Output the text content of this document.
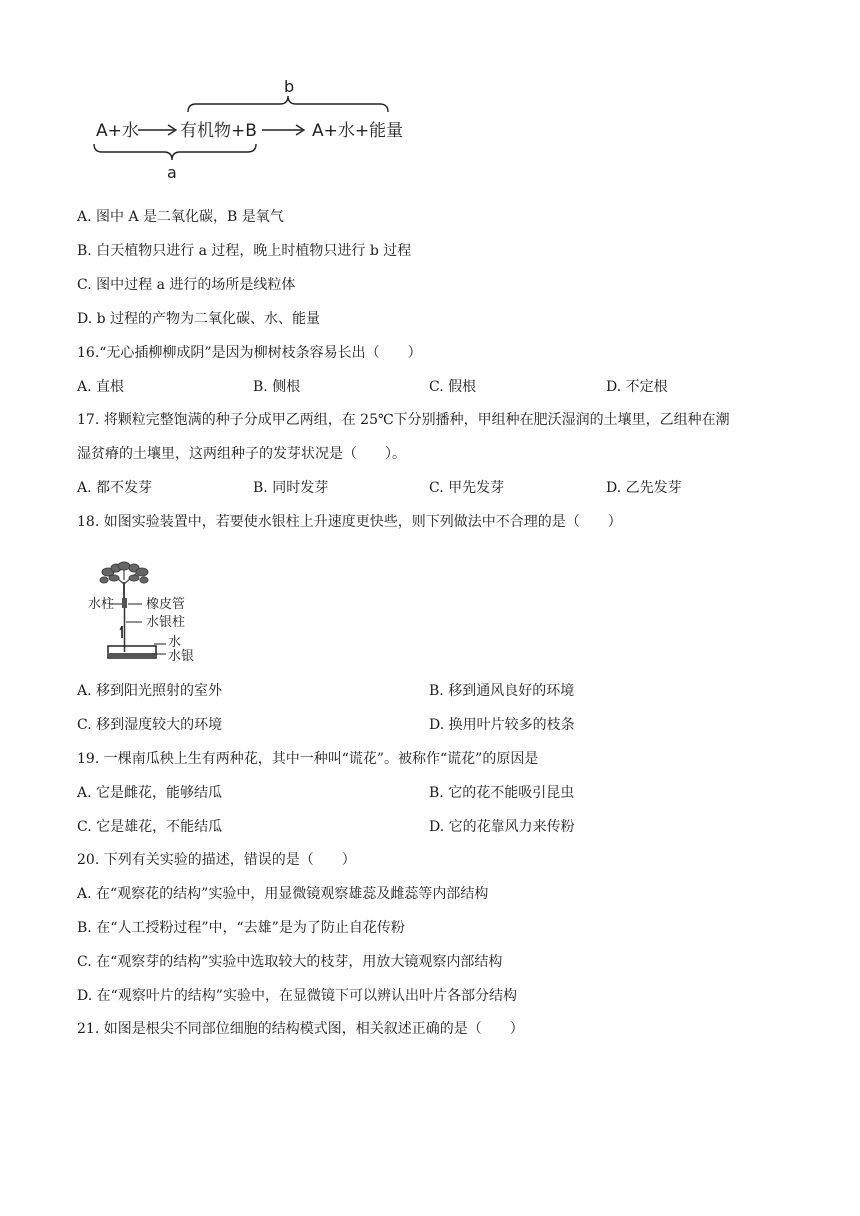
b
A+水 有机物+B	A+水+能量
a
A. 图中 A 是二氧化碳，B 是氧气
B. 白天植物只进行 a 过程，晚上时植物只进行 b 过程
C. 图中过程 a 进行的场所是线粒体
D. b 过程的产物为二氧化碳、水、能量
16.“无心插柳柳成阴”是因为柳树枝条容易长出（　　）
A. 直根	B. 侧根	C. 假根	D. 不定根
17. 将颗粒完整饱满的种子分成甲乙两组，在 25℃下分别播种，甲组种在肥沃湿润的土壤里，乙组种在潮
湿贫瘠的土壤里，这两组种子的发芽状况是（　　）。
A. 都不发芽	B. 同时发芽	C. 甲先发芽	D. 乙先发芽
18. 如图实验装置中，若要使水银柱上升速度更快些，则下列做法中不合理的是（　　）
水柱 橡皮管
水银柱
水
水银
A. 移到阳光照射的室外	B. 移到通风良好的环境
C. 移到湿度较大的环境	D. 换用叶片较多的枝条
19. 一棵南瓜秧上生有两种花，其中一种叫“谎花”。被称作“谎花”的原因是
A. 它是雌花，能够结瓜	B. 它的花不能吸引昆虫
C. 它是雄花，不能结瓜	D. 它的花靠风力来传粉
20. 下列有关实验的描述，错误的是（　　）
A. 在“观察花的结构”实验中，用显微镜观察雄蕊及雌蕊等内部结构
B. 在“人工授粉过程”中，“去雄”是为了防止自花传粉
C. 在“观察芽的结构”实验中选取较大的枝芽，用放大镜观察内部结构
D. 在“观察叶片的结构”实验中，在显微镜下可以辨认出叶片各部分结构
21. 如图是根尖不同部位细胞的结构模式图，相关叙述正确的是（　　）
